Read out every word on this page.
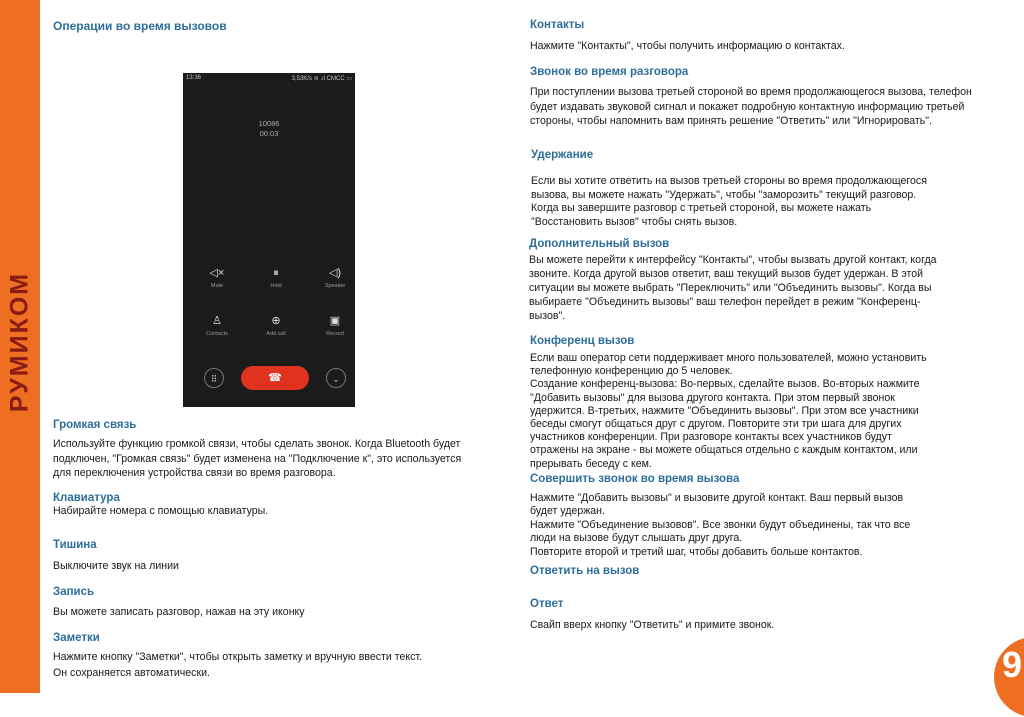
РУМИКОМ
Операции во время вызовов
13:36	3,53K/s ≋ .ıl CMCC ▭
10086
00:03
◁×
Mute
⏸
Hold
◁)
Speaker
♙
Contacts
⊕
Add call
▣
Record
⠿	☎	⌄
Громкая связь
Используйте функцию громкой связи, чтобы сделать звонок. Когда Bluetooth будет
подключен, "Громкая связь" будет изменена на "Подключение к", это используется
для переключения устройства связи во время разговора.
Клавиатура
Набирайте номера с помощью клавиатуры.
Тишина
Выключите звук на линии
Запись
Вы можете записать разговор, нажав на эту иконку
Заметки
Нажмите кнопку "Заметки", чтобы открыть заметку и вручную ввести текст.
Он сохраняется автоматически.
Контакты
Нажмите "Контакты", чтобы получить информацию о контактах.
Звонок во время разговора
При поступлении вызова третьей стороной во время продолжающегося вызова, телефон
будет издавать звуковой сигнал и покажет подробную контактную информацию третьей
стороны, чтобы напомнить вам принять решение "Ответить" или "Игнорировать".
Удержание
Если вы хотите ответить на вызов третьей стороны во время продолжающегося
вызова, вы можете нажать "Удержать", чтобы "заморозить" текущий разговор.
Когда вы завершите разговор с третьей стороной, вы можете нажать
"Восстановить вызов" чтобы снять вызов.
Дополнительный вызов
Вы можете перейти к интерфейсу "Контакты", чтобы вызвать другой контакт, когда
звоните. Когда другой вызов ответит, ваш текущий вызов будет удержан. В этой
ситуации вы можете выбрать "Переключить" или "Объединить вызовы". Когда вы
выбираете "Объединить вызовы" ваш телефон перейдет в режим "Конференц-
вызов".
Конференц вызов
Если ваш оператор сети поддерживает много пользователей, можно установить
телефонную конференцию до 5 человек.
Создание конференц-вызова: Во-первых, сделайте вызов. Во-вторых нажмите
"Добавить вызовы" для вызова другого контакта. При этом первый звонок
удержится. В-третьих, нажмите "Объединить вызовы". При этом все участники
беседы смогут общаться друг с другом. Повторите эти три шага для других
участников конференции. При разговоре контакты всех участников будут
отражены на экране - вы можете общаться отдельно с каждым контактом, или
прерывать беседу с кем.
Совершить звонок во время вызова
Нажмите "Добавить вызовы" и вызовите другой контакт. Ваш первый вызов
будет удержан.
Нажмите "Объединение вызовов". Все звонки будут объединены, так что все
люди на вызове будут слышать друг друга.
Повторите второй и третий шаг, чтобы добавить больше контактов.
Ответить на вызов
Ответ
Свайп вверх кнопку "Ответить" и примите звонок.
9
